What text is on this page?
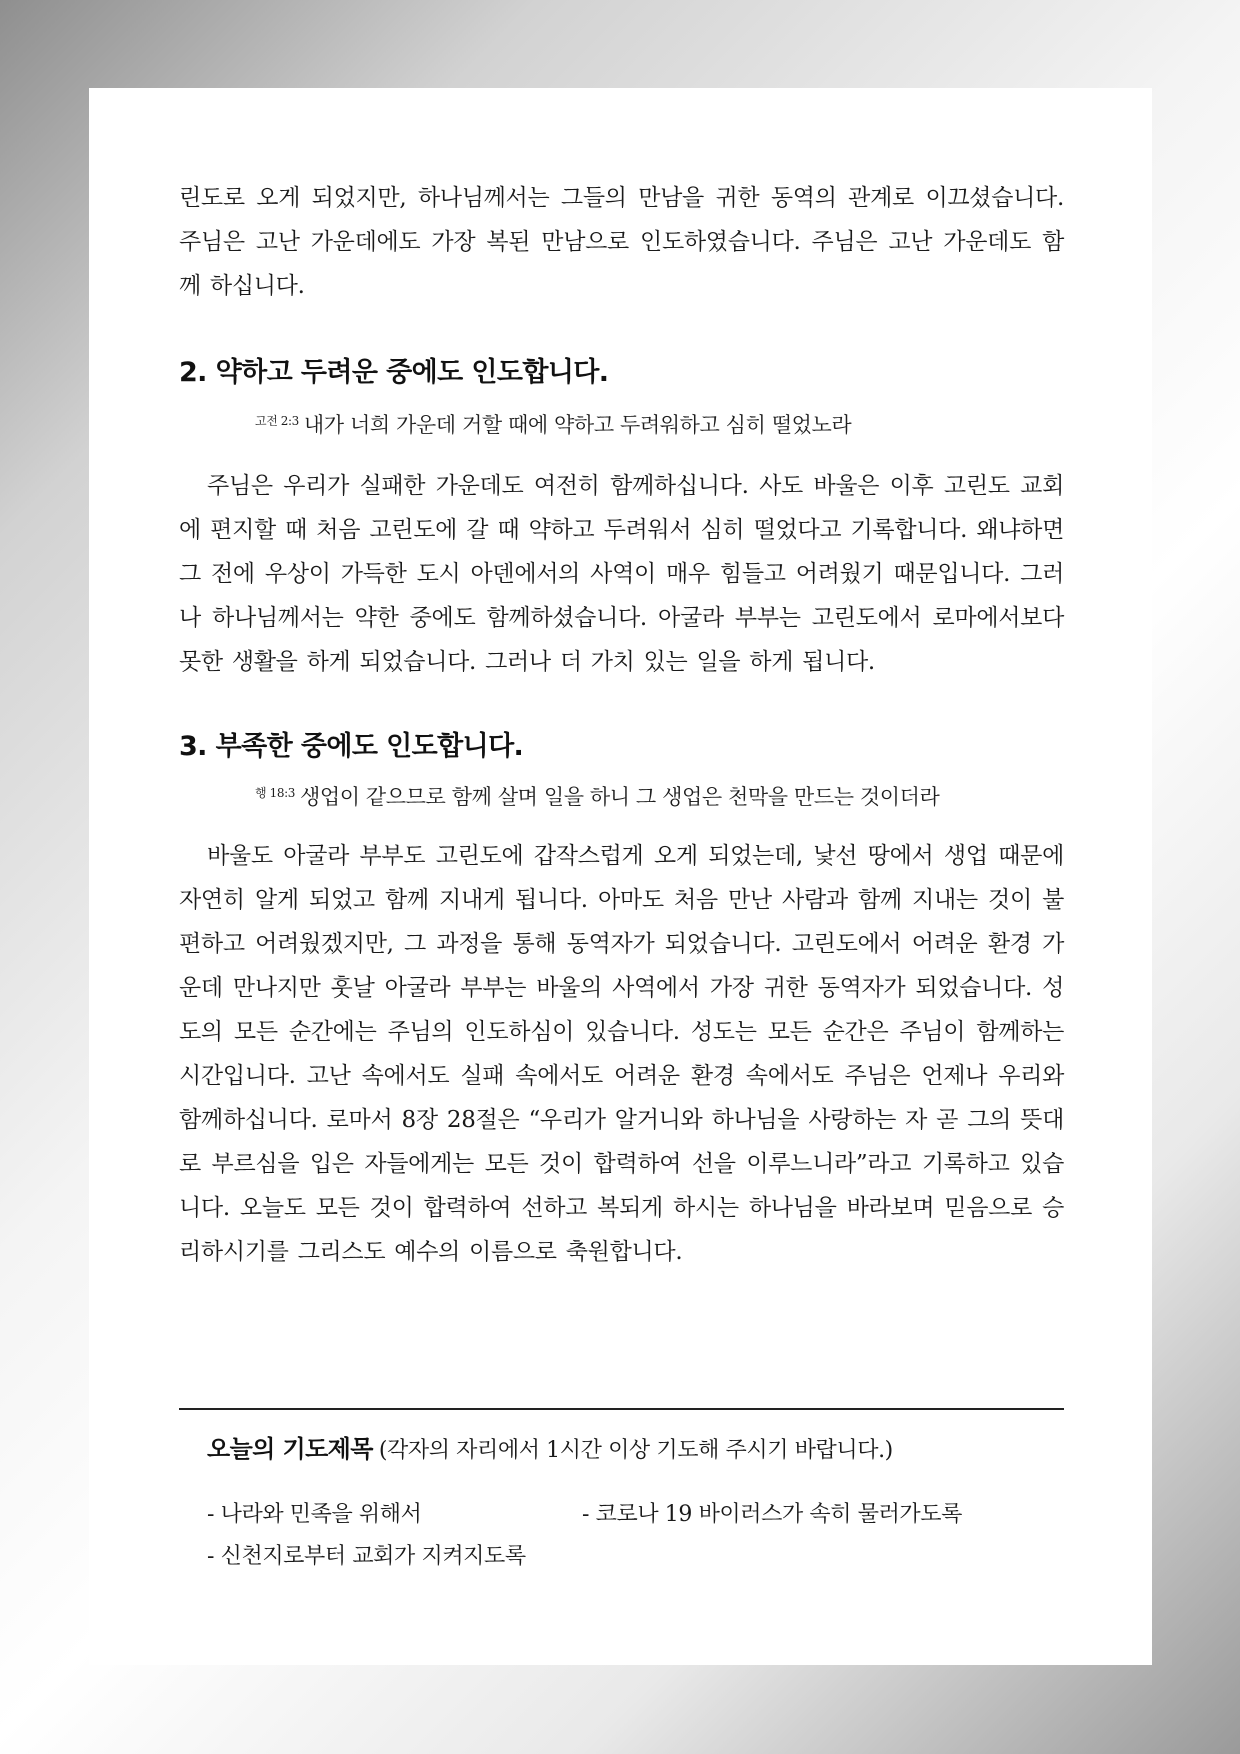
린도로 오게 되었지만, 하나님께서는 그들의 만남을 귀한 동역의 관계로 이끄셨습니다. 주님은 고난 가운데에도 가장 복된 만남으로 인도하였습니다. 주님은 고난 가운데도 함께 하십니다.

2. 약하고 두려운 중에도 인도합니다.

$^{고전 2:3}$ 내가 너희 가운데 거할 때에 약하고 두려워하고 심히 떨었노라

주님은 우리가 실패한 가운데도 여전히 함께하십니다. 사도 바울은 이후 고린도 교회에 편지할 때 처음 고린도에 갈 때 약하고 두려워서 심히 떨었다고 기록합니다. 왜냐하면 그 전에 우상이 가득한 도시 아덴에서의 사역이 매우 힘들고 어려웠기 때문입니다. 그러나 하나님께서는 약한 중에도 함께하셨습니다. 아굴라 부부는 고린도에서 로마에서보다 못한 생활을 하게 되었습니다. 그러나 더 가치 있는 일을 하게 됩니다.

3. 부족한 중에도 인도합니다.

$^{행 18:3}$ 생업이 같으므로 함께 살며 일을 하니 그 생업은 천막을 만드는 것이더라

바울도 아굴라 부부도 고린도에 갑작스럽게 오게 되었는데, 낯선 땅에서 생업 때문에 자연히 알게 되었고 함께 지내게 됩니다. 아마도 처음 만난 사람과 함께 지내는 것이 불편하고 어려웠겠지만, 그 과정을 통해 동역자가 되었습니다. 고린도에서 어려운 환경 가운데 만나지만 훗날 아굴라 부부는 바울의 사역에서 가장 귀한 동역자가 되었습니다. 성도의 모든 순간에는 주님의 인도하심이 있습니다. 성도는 모든 순간은 주님이 함께하는 시간입니다. 고난 속에서도 실패 속에서도 어려운 환경 속에서도 주님은 언제나 우리와 함께하십니다. 로마서 8장 28절은 “우리가 알거니와 하나님을 사랑하는 자 곧 그의 뜻대로 부르심을 입은 자들에게는 모든 것이 합력하여 선을 이루느니라”라고 기록하고 있습니다. 오늘도 모든 것이 합력하여 선하고 복되게 하시는 하나님을 바라보며 믿음으로 승리하시기를 그리스도 예수의 이름으로 축원합니다.

오늘의 기도제목 (각자의 자리에서 1시간 이상 기도해 주시기 바랍니다.)

- 나라와 민족을 위해서	- 코로나 19 바이러스가 속히 물러가도록
- 신천지로부터 교회가 지켜지도록
